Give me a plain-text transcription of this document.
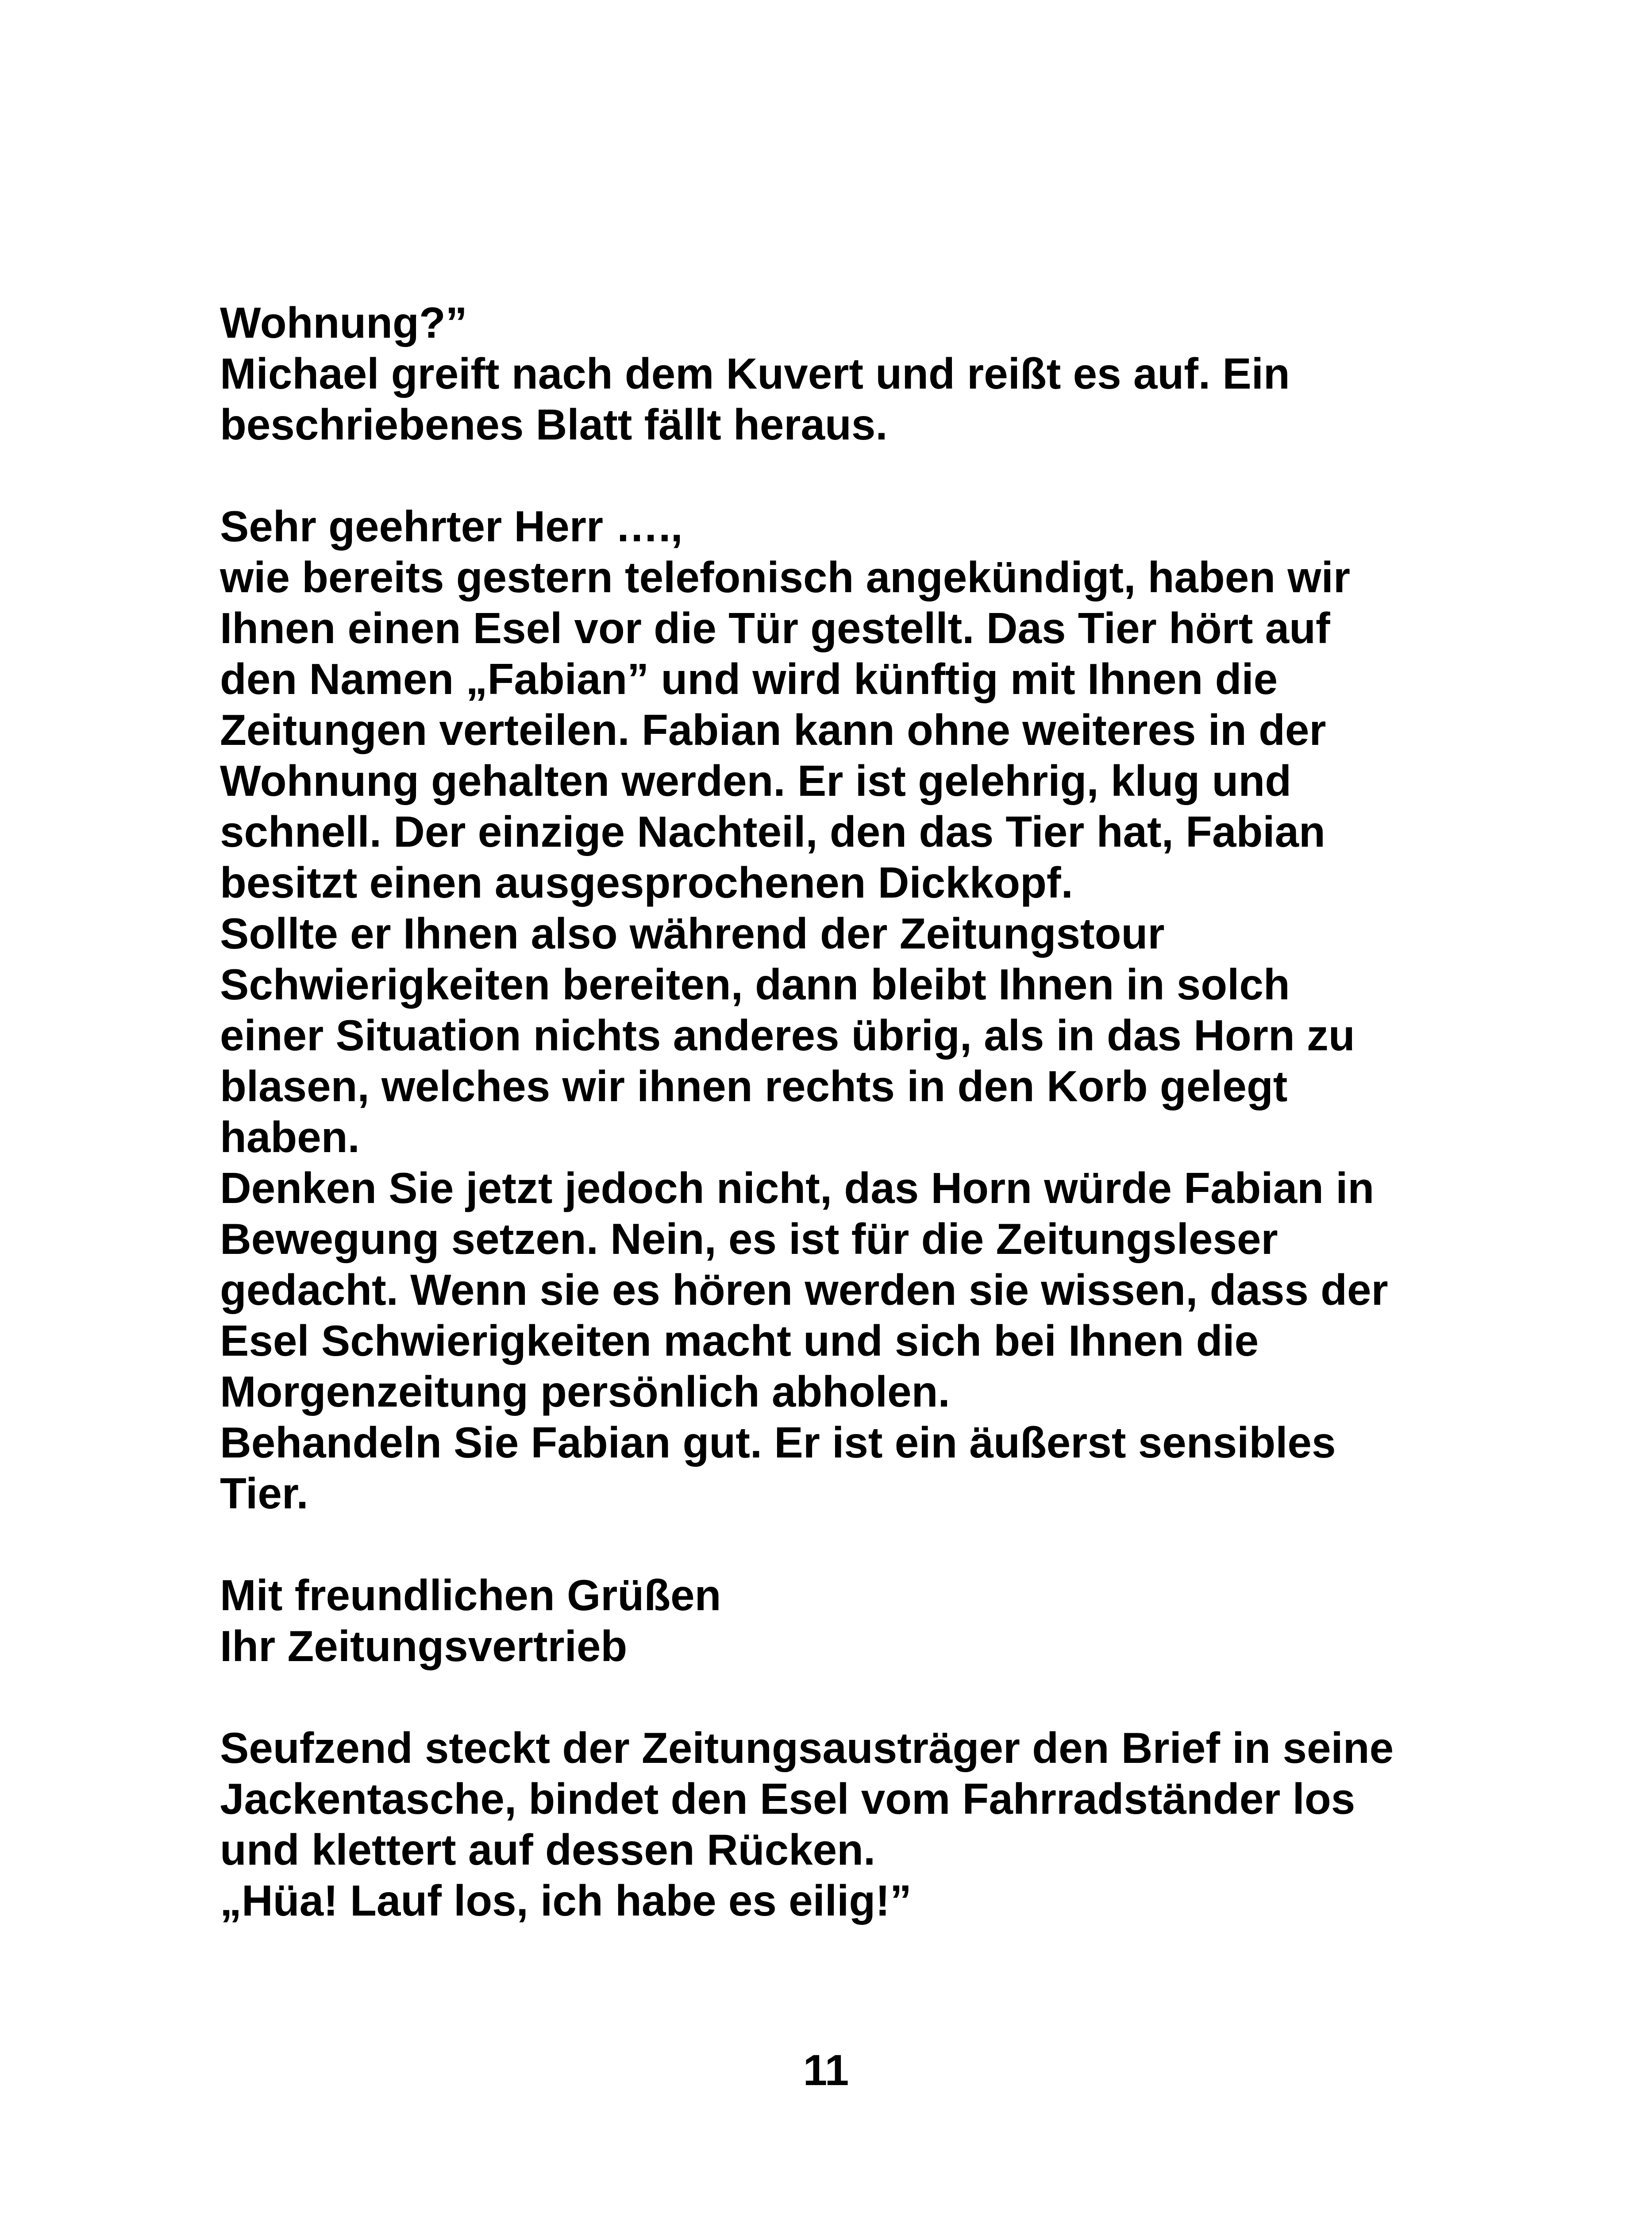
Wohnung?”
Michael greift nach dem Kuvert und reißt es auf. Ein
beschriebenes Blatt fällt heraus.
Sehr geehrter Herr ….,
wie bereits gestern telefonisch angekündigt, haben wir
Ihnen einen Esel vor die Tür gestellt. Das Tier hört auf
den Namen „Fabian” und wird künftig mit Ihnen die
Zeitungen verteilen. Fabian kann ohne weiteres in der
Wohnung gehalten werden. Er ist gelehrig, klug und
schnell. Der einzige Nachteil, den das Tier hat, Fabian
besitzt einen ausgesprochenen Dickkopf.
Sollte er Ihnen also während der Zeitungstour
Schwierigkeiten bereiten, dann bleibt Ihnen in solch
einer Situation nichts anderes übrig, als in das Horn zu
blasen, welches wir ihnen rechts in den Korb gelegt
haben.
Denken Sie jetzt jedoch nicht, das Horn würde Fabian in
Bewegung setzen. Nein, es ist für die Zeitungsleser
gedacht. Wenn sie es hören werden sie wissen, dass der
Esel Schwierigkeiten macht und sich bei Ihnen die
Morgenzeitung persönlich abholen.
Behandeln Sie Fabian gut. Er ist ein äußerst sensibles
Tier.
Mit freundlichen Grüßen
Ihr Zeitungsvertrieb
Seufzend steckt der Zeitungsausträger den Brief in seine
Jackentasche, bindet den Esel vom Fahrradständer los
und klettert auf dessen Rücken.
„Hüa! Lauf los, ich habe es eilig!”
11
